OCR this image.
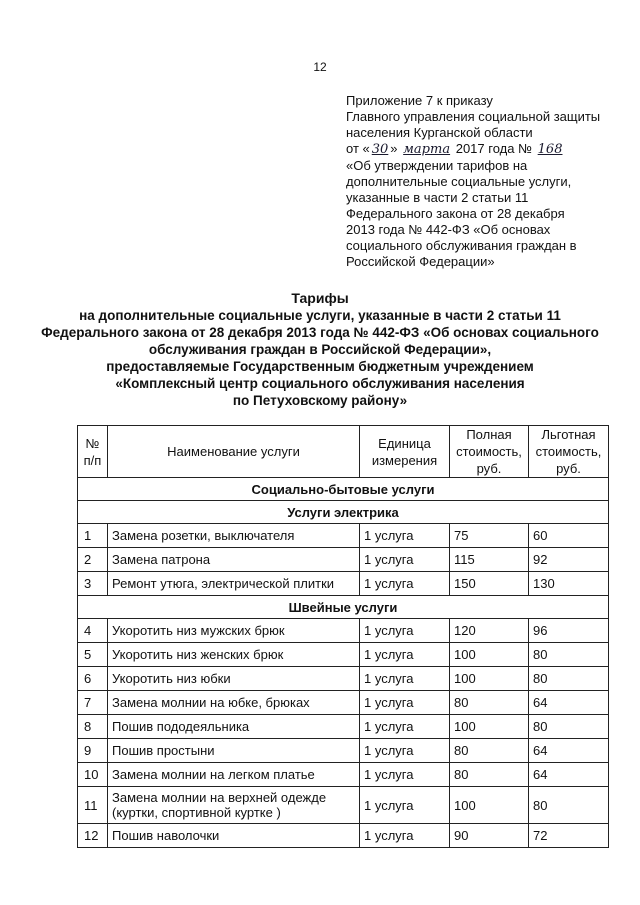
12
Приложение 7 к приказу
Главного управления социальной защиты
населения Курганской области
от « 30 » марта 2017 года № 168
«Об утверждении тарифов на
дополнительные социальные услуги,
указанные в части 2 статьи 11
Федерального закона от 28 декабря
2013 года № 442-ФЗ «Об основах
социального обслуживания граждан в
Российской Федерации»
Тарифы
на дополнительные социальные услуги, указанные в части 2 статьи 11
Федерального закона от 28 декабря 2013 года № 442-ФЗ «Об основах социального
обслуживания граждан в Российской Федерации»,
предоставляемые Государственным бюджетным учреждением
«Комплексный центр социального обслуживания населения
по Петуховскому району»
№
п/п	Наименование услуги	Единица
измерения	Полная
стоимость,
руб.	Льготная
стоимость,
руб.
Социально-бытовые услуги				
Услуги электрика				
1	Замена розетки, выключателя	1 услуга	75	60
2	Замена патрона	1 услуга	115	92
3	Ремонт утюга, электрической плитки	1 услуга	150	130
Швейные услуги				
4	Укоротить низ мужских брюк	1 услуга	120	96
5	Укоротить низ женских брюк	1 услуга	100	80
6	Укоротить низ юбки	1 услуга	100	80
7	Замена молнии на юбке, брюках	1 услуга	80	64
8	Пошив пододеяльника	1 услуга	100	80
9	Пошив простыни	1 услуга	80	64
10	Замена молнии на легком платье	1 услуга	80	64
11	Замена молнии на верхней одежде (куртки, спортивной куртке )	1 услуга	100	80
12	Пошив наволочки	1 услуга	90	72
